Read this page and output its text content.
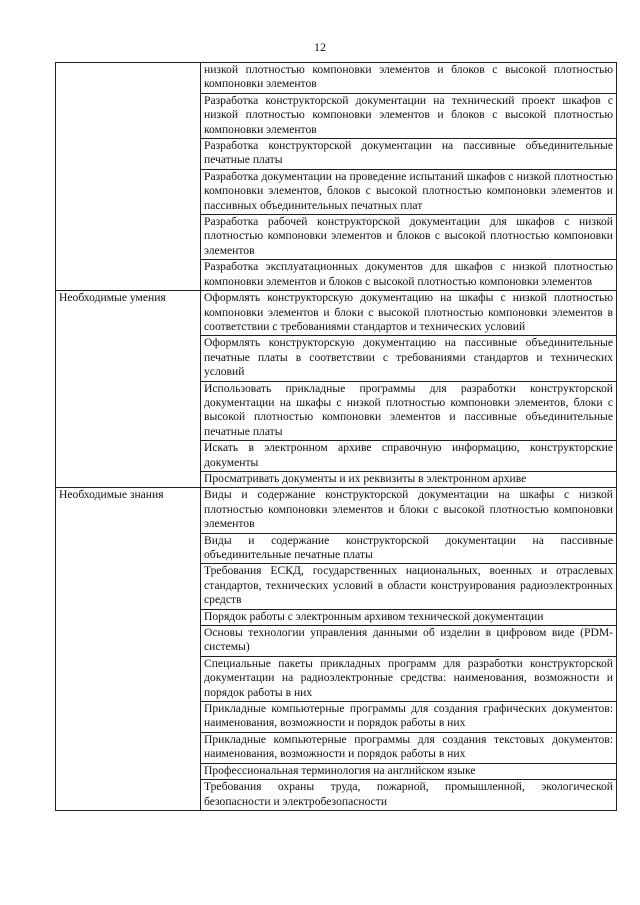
12
	низкой плотностью компоновки элементов и блоков с высокой плотностью компоновки элементов
	Разработка конструкторской документации на технический проект шкафов с низкой плотностью компоновки элементов и блоков с высокой плотностью компоновки элементов
	Разработка конструкторской документации на пассивные объединительные печатные платы
	Разработка документации на проведение испытаний шкафов с низкой плотностью компоновки элементов, блоков с высокой плотностью компоновки элементов и пассивных объединительных печатных плат
	Разработка рабочей конструкторской документации для шкафов с низкой плотностью компоновки элементов и блоков с высокой плотностью компоновки элементов
	Разработка эксплуатационных документов для шкафов с низкой плотностью компоновки элементов и блоков с высокой плотностью компоновки элементов
Необходимые умения	Оформлять конструкторскую документацию на шкафы с низкой плотностью компоновки элементов и блоки с высокой плотностью компоновки элементов в соответствии с требованиями стандартов и технических условий
	Оформлять конструкторскую документацию на пассивные объединительные печатные платы в соответствии с требованиями стандартов и технических условий
	Использовать прикладные программы для разработки конструкторской документации на шкафы с низкой плотностью компоновки элементов, блоки с высокой плотностью компоновки элементов и пассивные объединительные печатные платы
	Искать в электронном архиве справочную информацию, конструкторские документы
	Просматривать документы и их реквизиты в электронном архиве
Необходимые знания	Виды и содержание конструкторской документации на шкафы с низкой плотностью компоновки элементов и блоки с высокой плотностью компоновки элементов
	Виды и содержание конструкторской документации на пассивные объединительные печатные платы
	Требования ЕСКД, государственных национальных, военных и отраслевых стандартов, технических условий в области конструирования радиоэлектронных средств
	Порядок работы с электронным архивом технической документации
	Основы технологии управления данными об изделии в цифровом виде (PDM-системы)
	Специальные пакеты прикладных программ для разработки конструкторской документации на радиоэлектронные средства: наименования, возможности и порядок работы в них
	Прикладные компьютерные программы для создания графических документов: наименования, возможности и порядок работы в них
	Прикладные компьютерные программы для создания текстовых документов: наименования, возможности и порядок работы в них
	Профессиональная терминология на английском языке
	Требования охраны труда, пожарной, промышленной, экологической безопасности и электробезопасности
